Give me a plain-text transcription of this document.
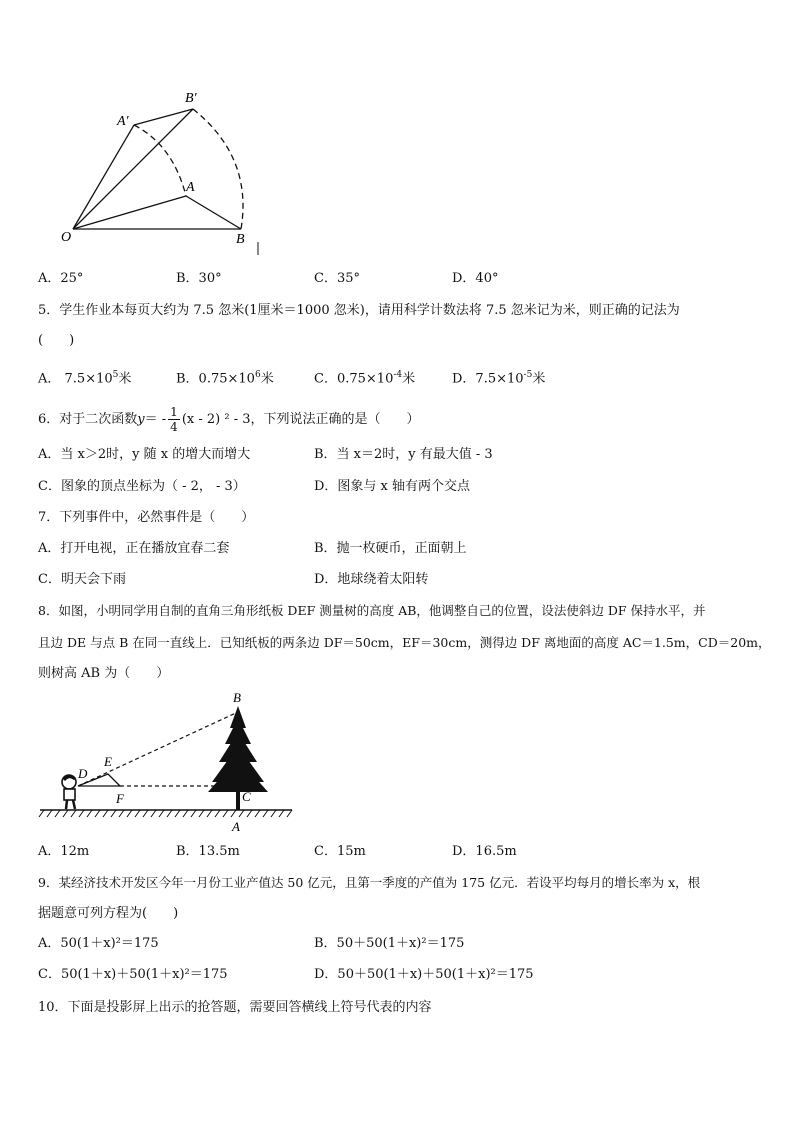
O
A
B
A′
B′
A．25°	B．30°	C．35°	D．40°
5．学生作业本每页大约为 7.5 忽米(1厘米＝1000 忽米)，请用科学计数法将 7.5 忽米记为米，则正确的记法为
(　　)
A． $7.5\times 10^5$米	B．$0.75\times 10^6$米	C．$0.75\times 10^{-4}$米	D．$7.5\times 10^{-5}$米
6．对于二次函数$y= - \frac{1}{4} (x - 2)$ ² - 3，下列说法正确的是（　　）
A．当 x＞2时，y 随 x 的增大而增大	B．当 x＝2时，y 有最大值 - 3
C．图象的顶点坐标为（ - 2， - 3）	D．图象与 x 轴有两个交点
7．下列事件中，必然事件是（　　）
A．打开电视，正在播放宜春二套	B．抛一枚硬币，正面朝上
C．明天会下雨	D．地球绕着太阳转
8．如图，小明同学用自制的直角三角形纸板 DEF 测量树的高度 AB，他调整自己的位置，设法使斜边 DF 保持水平，并
且边 DE 与点 B 在同一直线上．已知纸板的两条边 DF＝50cm，EF＝30cm，测得边 DF 离地面的高度 AC＝1.5m，CD＝20m，
则树高 AB 为（　　）
B
E
D
F	C
A
A．12m	B．13.5m	C．15m	D．16.5m
9．某经济技术开发区今年一月份工业产值达 50 亿元，且第一季度的产值为 175 亿元．若设平均每月的增长率为 x，根
据题意可列方程为(　　)
A．50(1＋x)²＝175	B．50＋50(1＋x)²＝175
C．50(1＋x)＋50(1＋x)²＝175	D．50＋50(1＋x)＋50(1＋x)²＝175
10．下面是投影屏上出示的抢答题，需要回答横线上符号代表的内容
